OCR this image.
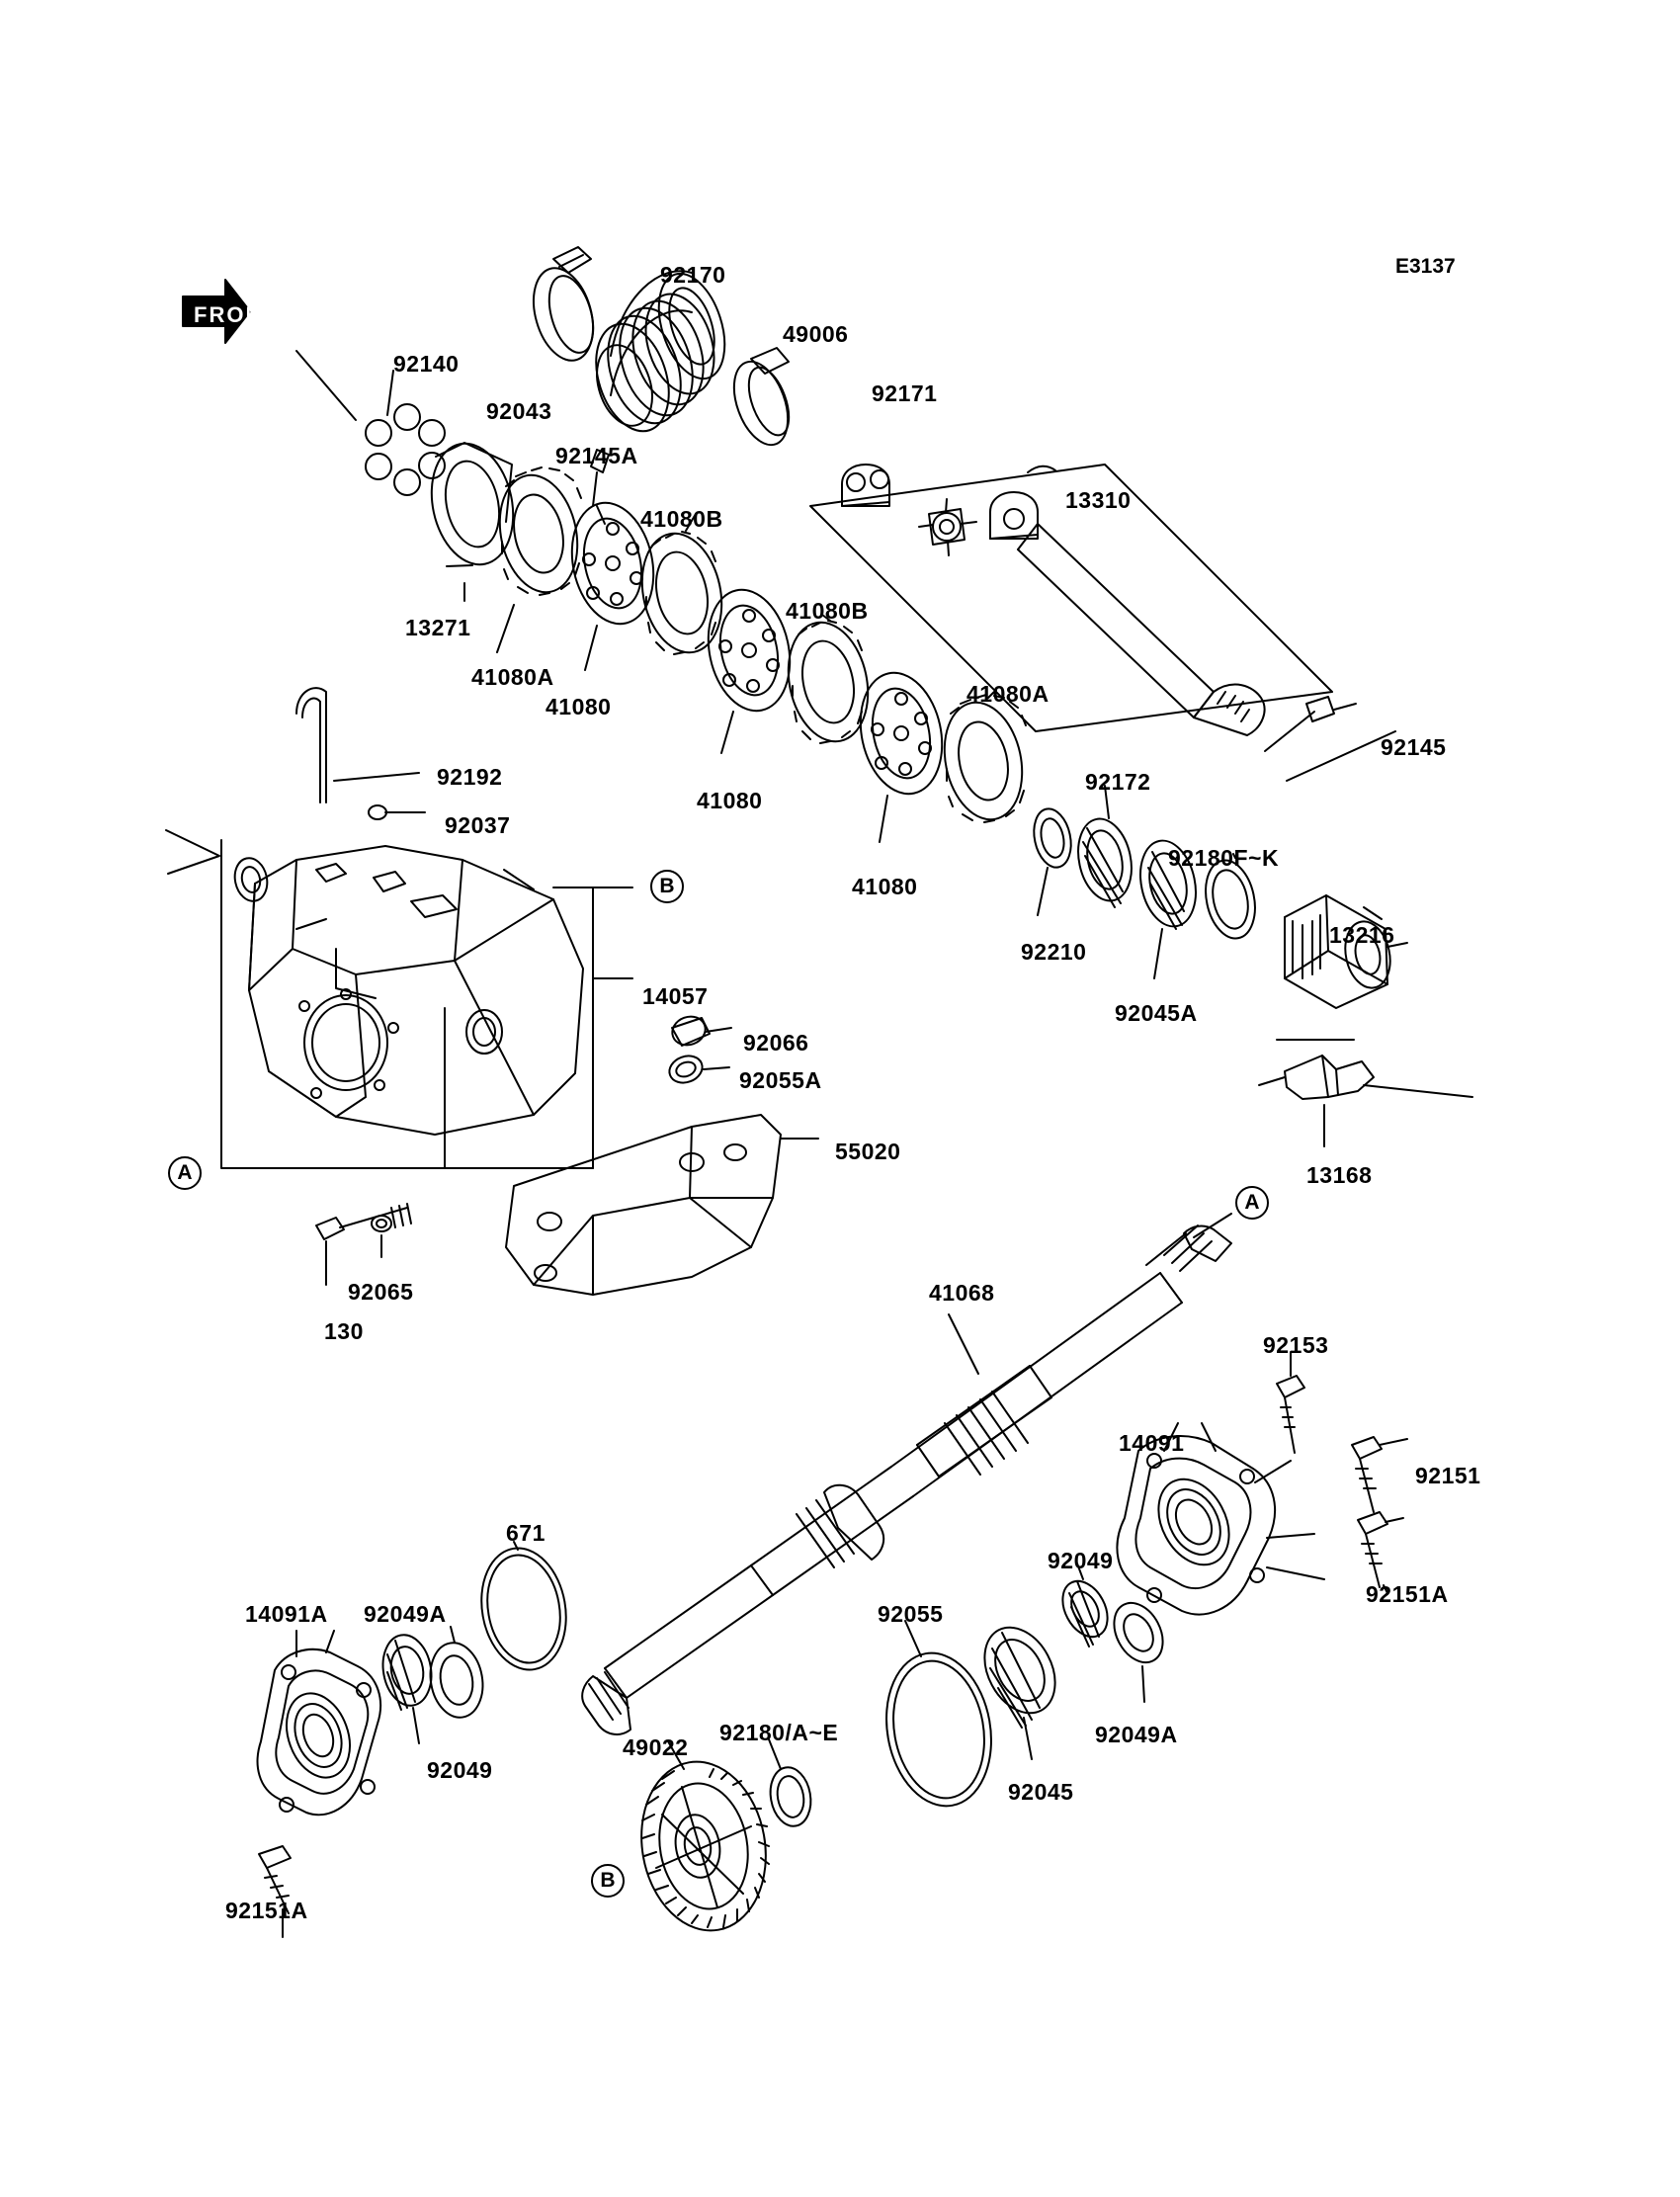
E3137
FRONT
A
B
A
B
92170
49006
92140
92171
92043
92145A
13310
41080B
13271
41080B
41080A
41080	41080A
92145
41080
92172
92192
92180F~K
92037
41080
92210
13216
92045A
14057
92066
92055A
13168
55020
92065
130
41068
92153
14091
92151
92049
92151A
671
14091A 92049A	92055
92049A
92049
49022
92180/A~E
92045
92151A
